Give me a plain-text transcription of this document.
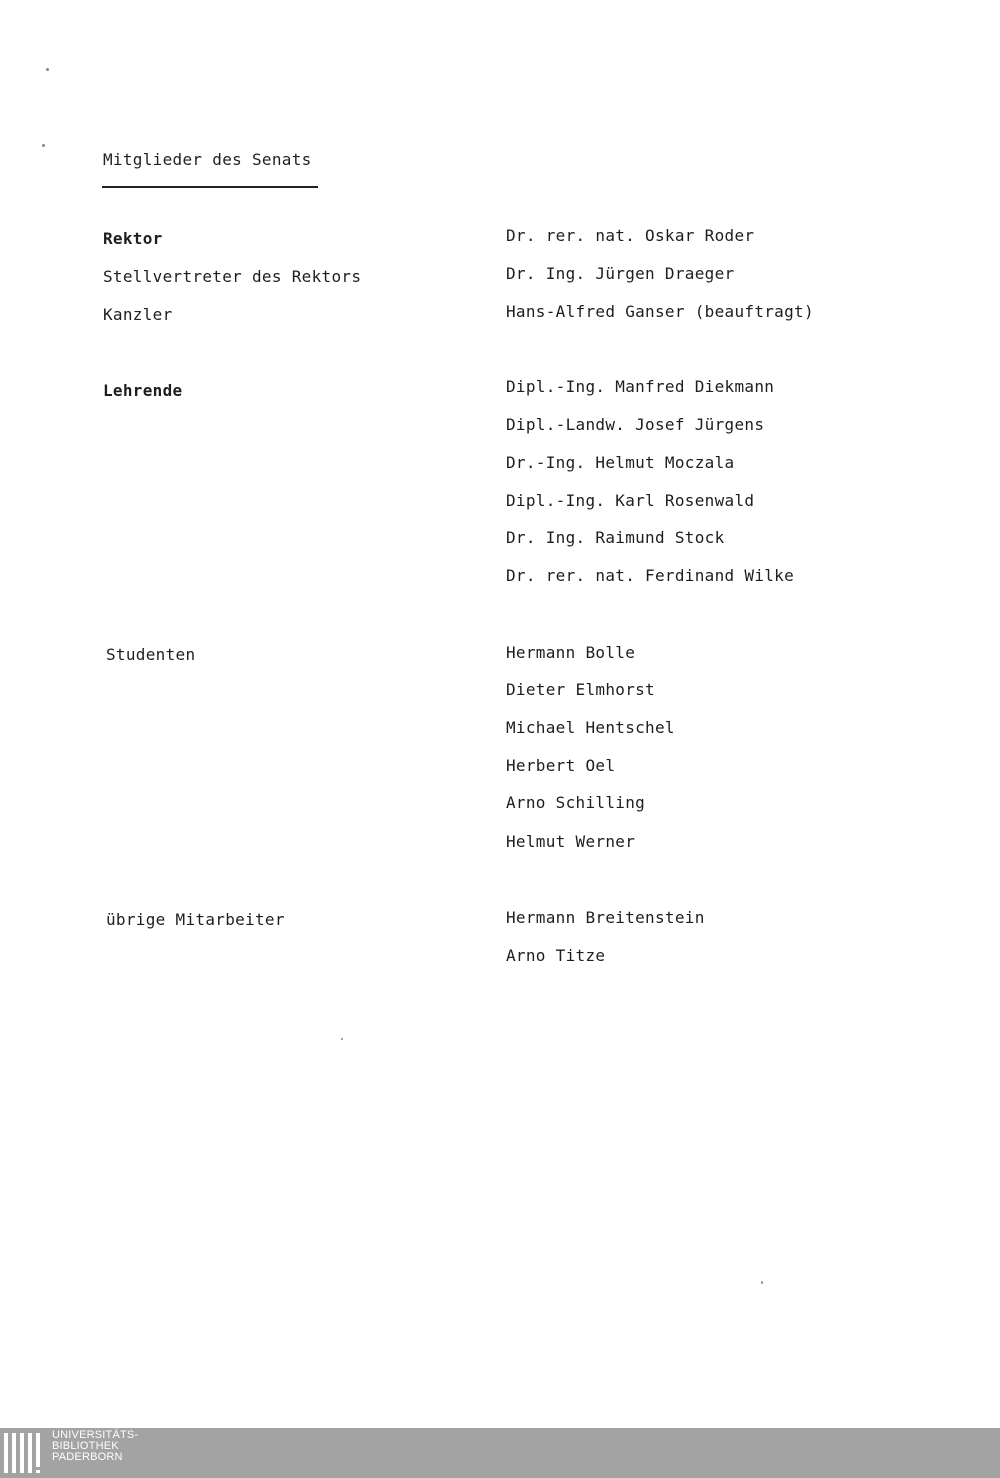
Mitglieder des Senats
Rektor	Dr. rer. nat. Oskar Roder
Stellvertreter des Rektors	Dr. Ing. Jürgen Draeger
Kanzler	Hans-Alfred Ganser (beauftragt)
Lehrende	Dipl.-Ing. Manfred Diekmann
Dipl.-Landw. Josef Jürgens
Dr.-Ing. Helmut Moczala
Dipl.-Ing. Karl Rosenwald
Dr. Ing. Raimund Stock
Dr. rer. nat. Ferdinand Wilke
Studenten	Hermann Bolle
Dieter Elmhorst
Michael Hentschel
Herbert Oel
Arno Schilling
Helmut Werner
übrige Mitarbeiter	Hermann Breitenstein
Arno Titze
UNIVERSITÄTS-
BIBLIOTHEK
PADERBORN
